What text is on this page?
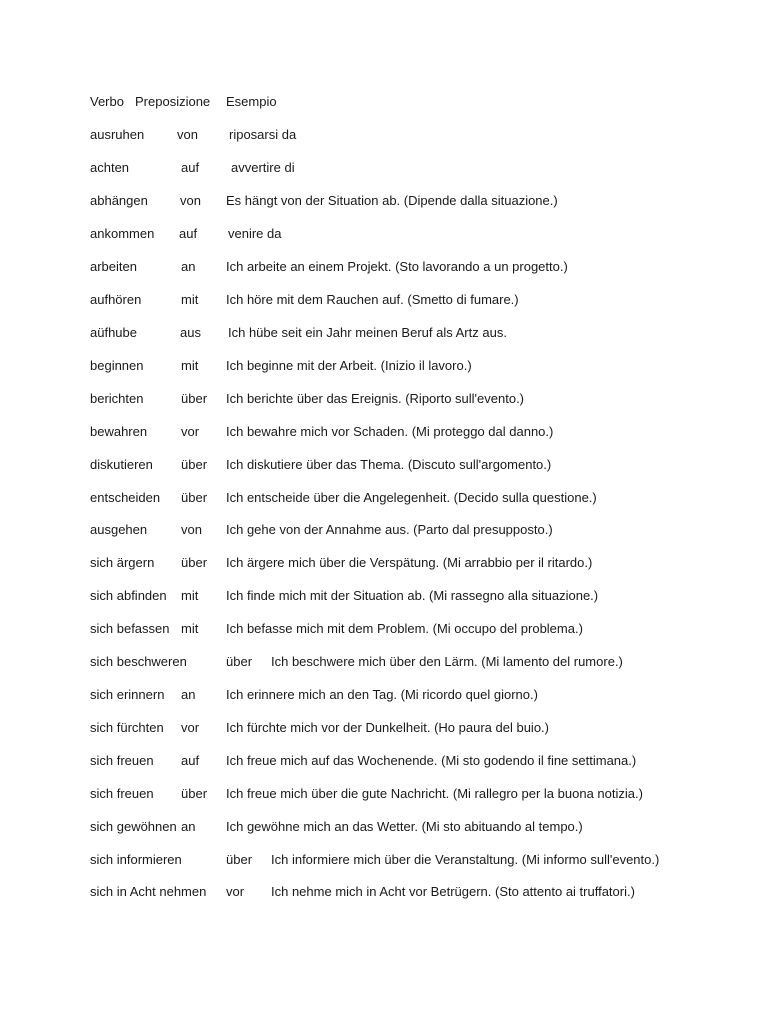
Verbo Preposizione Esempio
ausruhen	von riposarsi da
achten	auf avvertire di
abhängen von Es hängt von der Situation ab. (Dipende dalla situazione.)
ankommen auf venire da
arbeiten	an Ich arbeite an einem Projekt. (Sto lavorando a un progetto.)
aufhören	mit Ich höre mit dem Rauchen auf. (Smetto di fumare.)
aüfhube	aus Ich hübe seit ein Jahr meinen Beruf als Artz aus.
beginnen	mit Ich beginne mit der Arbeit. (Inizio il lavoro.)
berichten	über Ich berichte über das Ereignis. (Riporto sull'evento.)
bewahren	vor Ich bewahre mich vor Schaden. (Mi proteggo dal danno.)
diskutieren über Ich diskutiere über das Thema. (Discuto sull'argomento.)
entscheiden über Ich entscheide über die Angelegenheit. (Decido sulla questione.)
ausgehen	von Ich gehe von der Annahme aus. (Parto dal presupposto.)
sich ärgern über Ich ärgere mich über die Verspätung. (Mi arrabbio per il ritardo.)
sich abfinden mit Ich finde mich mit der Situation ab. (Mi rassegno alla situazione.)
sich befassen mit Ich befasse mich mit dem Problem. (Mi occupo del problema.)
sich beschweren	über Ich beschwere mich über den Lärm. (Mi lamento del rumore.)
sich erinnern an Ich erinnere mich an den Tag. (Mi ricordo quel giorno.)
sich fürchten vor Ich fürchte mich vor der Dunkelheit. (Ho paura del buio.)
sich freuen auf Ich freue mich auf das Wochenende. (Mi sto godendo il fine settimana.)
sich freuen über Ich freue mich über die gute Nachricht. (Mi rallegro per la buona notizia.)
sich gewöhnen an Ich gewöhne mich an das Wetter. (Mi sto abituando al tempo.)
sich informieren	über Ich informiere mich über die Veranstaltung. (Mi informo sull'evento.)
sich in Acht nehmen vor Ich nehme mich in Acht vor Betrügern. (Sto attento ai truffatori.)
